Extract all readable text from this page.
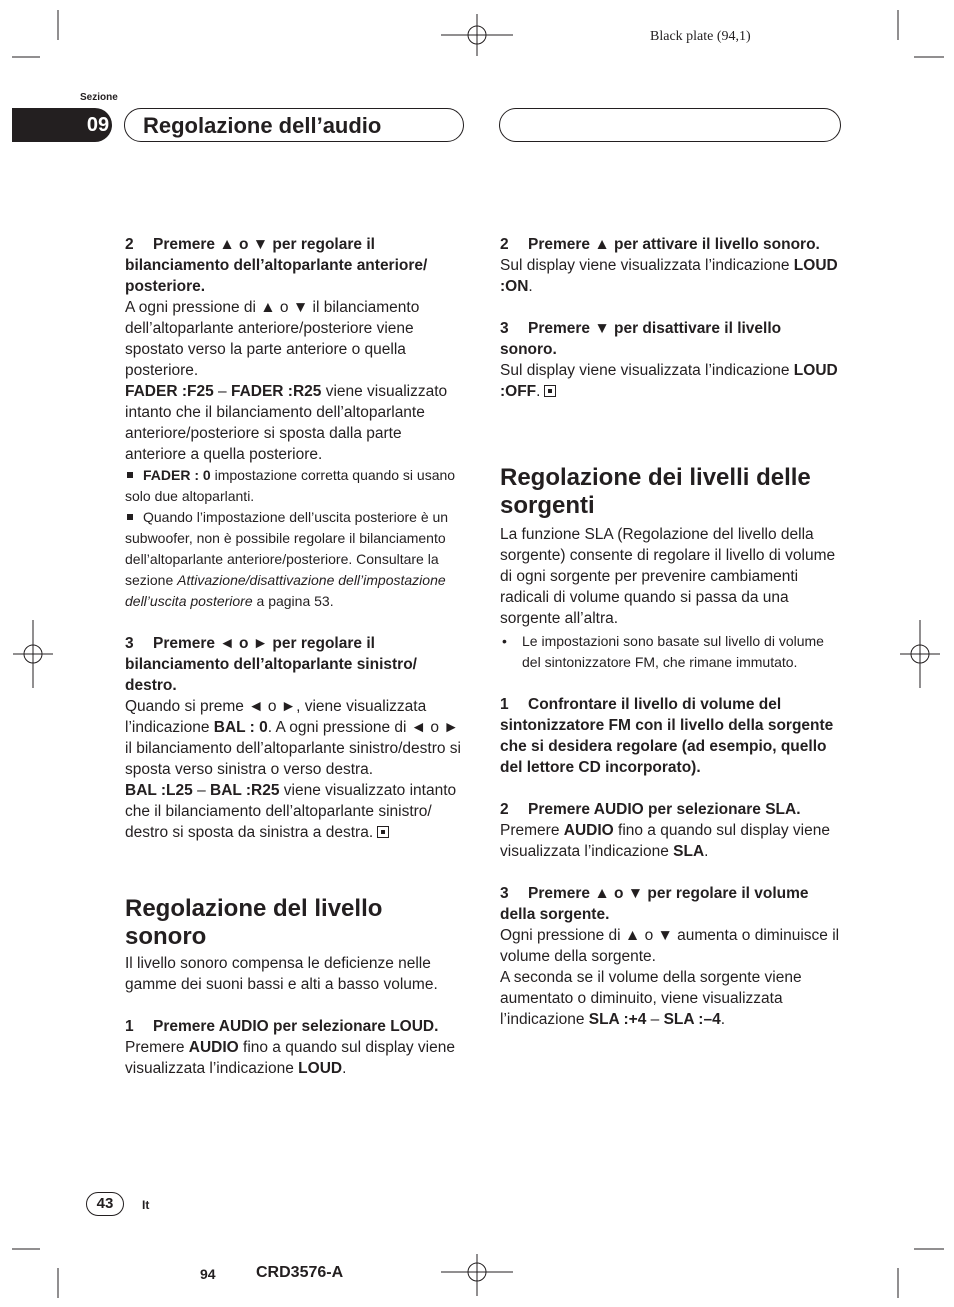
Black plate (94,1)
Sezione
09	Regolazione dell’audio

2 Premere ▲ o ▼ per regolare il bilanciamento dell’altoparlante anteriore/ posteriore.

A ogni pressione di ▲ o ▼ il bilanciamento dell’altoparlante anteriore/posteriore viene spostato verso la parte anteriore o quella posteriore.

FADER :F25 – FADER :R25 viene visualizzato intanto che il bilanciamento dell’altoparlante anteriore/posteriore si sposta dalla parte anteriore a quella posteriore.

FADER : 0 impostazione corretta quando si usano solo due altoparlanti.

Quando l’impostazione dell’uscita posteriore è un subwoofer, non è possibile regolare il bilanciamento dell’altoparlante anteriore/posteriore. Consultare la sezione Attivazione/disattivazione dell’impostazione dell’uscita posteriore a pagina 53.

3 Premere ◄ o ► per regolare il bilanciamento dell’altoparlante sinistro/ destro.

Quando si preme ◄ o ►, viene visualizzata l’indicazione BAL : 0. A ogni pressione di ◄ o ► il bilanciamento dell’altoparlante sinistro/destro si sposta verso sinistra o verso destra.

BAL :L25 – BAL :R25 viene visualizzato intanto che il bilanciamento dell’altoparlante sinistro/ destro si sposta da sinistra a destra.

Regolazione del livello sonoro

Il livello sonoro compensa le deficienze nelle gamme dei suoni bassi e alti a basso volume.

1 Premere AUDIO per selezionare LOUD.

Premere AUDIO fino a quando sul display viene visualizzata l’indicazione LOUD.

2 Premere ▲ per attivare il livello sonoro.

Sul display viene visualizzata l’indicazione LOUD :ON.

3 Premere ▼ per disattivare il livello sonoro.

Sul display viene visualizzata l’indicazione LOUD :OFF.

Regolazione dei livelli delle sorgenti

La funzione SLA (Regolazione del livello della sorgente) consente di regolare il livello di volume di ogni sorgente per prevenire cambiamenti radicali di volume quando si passa da una sorgente all’altra.

• Le impostazioni sono basate sul livello di volume del sintonizzatore FM, che rimane immutato.

1 Confrontare il livello di volume del sintonizzatore FM con il livello della sorgente che si desidera regolare (ad esempio, quello del lettore CD incorporato).

2 Premere AUDIO per selezionare SLA.

Premere AUDIO fino a quando sul display viene visualizzata l’indicazione SLA.

3 Premere ▲ o ▼ per regolare il volume della sorgente.

Ogni pressione di ▲ o ▼ aumenta o diminuisce il volume della sorgente.

A seconda se il volume della sorgente viene aumentato o diminuito, viene visualizzata l’indicazione SLA :+4 – SLA :–4.

43	It
94	CRD3576-A
